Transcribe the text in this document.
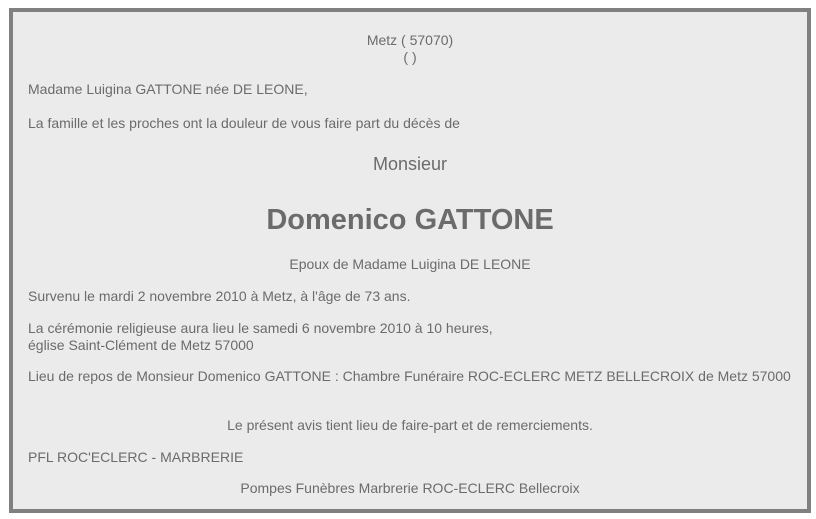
Metz ( 57070)
( )
Madame Luigina GATTONE née DE LEONE,
La famille et les proches ont la douleur de vous faire part du décès de
Monsieur
Domenico GATTONE
Epoux de Madame Luigina DE LEONE
Survenu le mardi 2 novembre 2010 à Metz, à l'âge de 73 ans.
La cérémonie religieuse aura lieu le samedi 6 novembre 2010 à 10 heures,
église Saint-Clément de Metz 57000
Lieu de repos de Monsieur Domenico GATTONE : Chambre Funéraire ROC-ECLERC METZ BELLECROIX de Metz 57000
Le présent avis tient lieu de faire-part et de remerciements.
PFL ROC'ECLERC - MARBRERIE
Pompes Funèbres Marbrerie ROC-ECLERC Bellecroix
